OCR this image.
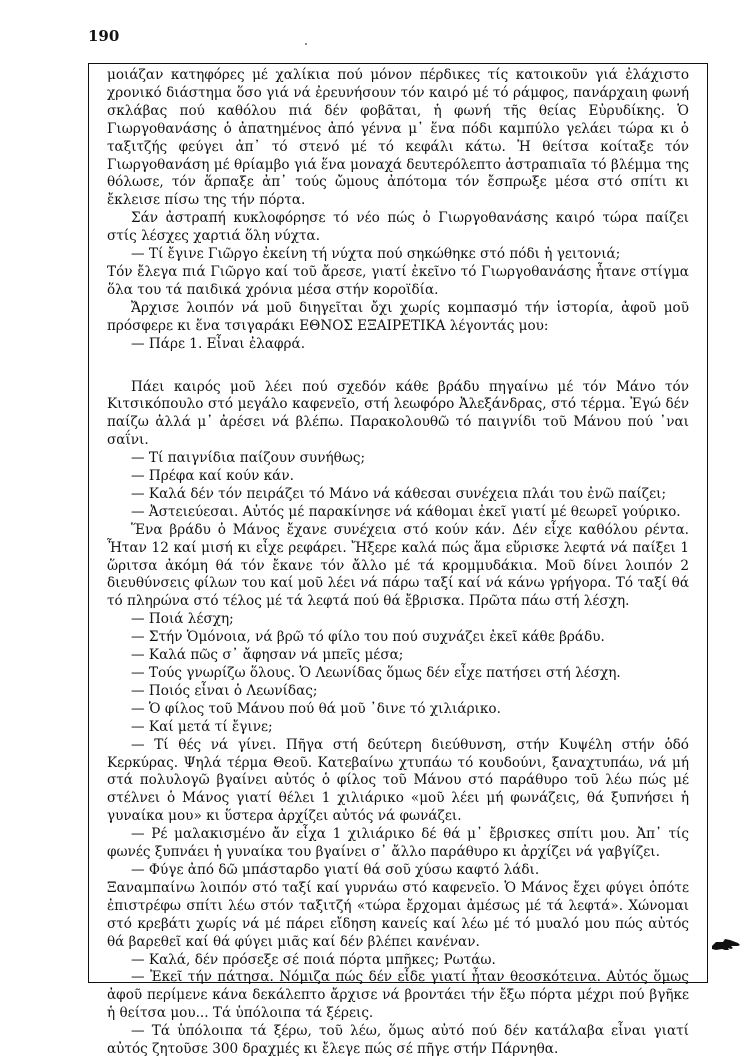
190

μοιάζαν κατηφόρες μέ χαλίκια πού μόνον πέρδικες τίς κατοικοῦν γιά ἐλάχιστο χρονικό διάστημα ὅσο γιά νά ἐρευνήσουν τόν καιρό μέ τό ράμφος, πανάρχαιη φωνή σκλάβας πού καθόλου πιά δέν φοβᾶται, ἡ φωνή τῆς θείας Εὐρυδίκης. Ὁ Γιωργοθανάσης ὁ ἀπατημένος ἀπό γέννα μ᾽ ἕνα πόδι καμπύλο γελάει τώρα κι ὁ ταξιτζής φεύγει ἀπ᾽ τό στενό μέ τό κεφάλι κάτω. Ἡ θείτσα κοίταξε τόν Γιωργοθανάση μέ θρίαμβο γιά ἕνα μοναχά δευτερόλεπτο ἀστραπιαῖα τό βλέμμα της θόλωσε, τόν ἅρπαξε ἀπ᾽ τούς ὤμους ἀπότομα τόν ἔσπρωξε μέσα στό σπίτι κι ἔκλεισε πίσω της τήν πόρτα.

Σάν ἀστραπή κυκλοφόρησε τό νέο πώς ὁ Γιωργοθανάσης καιρό τώρα παίζει στίς λέσχες χαρτιά ὅλη νύχτα.

— Τί ἔγινε Γιῶργο ἐκείνη τή νύχτα πού σηκώθηκε στό πόδι ἡ γειτονιά;

Τόν ἔλεγα πιά Γιῶργο καί τοῦ ἄρεσε, γιατί ἐκεῖνο τό Γιωργοθανάσης ἦτανε στίγμα ὅλα του τά παιδικά χρόνια μέσα στήν κοροϊδία.

Ἄρχισε λοιπόν νά μοῦ διηγεῖται ὄχι χωρίς κομπασμό τήν ἱστορία, ἀφοῦ μοῦ πρόσφερε κι ἕνα τσιγαράκι ΕΘΝΟΣ ΕΞΑΙΡΕΤΙΚΑ λέγοντάς μου:

— Πάρε 1. Εἶναι ἐλαφρά.

Πάει καιρός μοῦ λέει πού σχεδόν κάθε βράδυ πηγαίνω μέ τόν Μάνο τόν Κιτσικόπουλο στό μεγάλο καφενεῖο, στή λεωφόρο Ἀλεξάνδρας, στό τέρμα. Ἐγώ δέν παίζω ἀλλά μ᾽ ἀρέσει νά βλέπω. Παρακολουθῶ τό παιγνίδι τοῦ Μάνου πού ᾽ναι σαΐνι.

— Τί παιγνίδια παίζουν συνήθως;

— Πρέφα καί κούν κάν.

— Καλά δέν τόν πειράζει τό Μάνο νά κάθεσαι συνέχεια πλάι του ἐνῶ παίζει;

— Ἀστειεύεσαι. Αὐτός μέ παρακίνησε νά κάθομαι ἐκεῖ γιατί μέ θεωρεῖ γούρικο.

Ἕνα βράδυ ὁ Μάνος ἔχανε συνέχεια στό κούν κάν. Δέν εἶχε καθόλου ρέντα. Ἦταν 12 καί μισή κι εἶχε ρεφάρει. Ἤξερε καλά πώς ἅμα εὕρισκε λεφτά νά παίξει 1 ὥριτσα ἀκόμη θά τόν ἔκανε τόν ἄλλο μέ τά κρομμυδάκια. Μοῦ δίνει λοιπόν 2 διευθύνσεις φίλων του καί μοῦ λέει νά πάρω ταξί καί νά κάνω γρήγορα. Τό ταξί θά τό πληρώνα στό τέλος μέ τά λεφτά πού θά ἔβρισκα. Πρῶτα πάω στή λέσχη.

— Ποιά λέσχη;

— Στήν Ὁμόνοια, νά βρῶ τό φίλο του πού συχνάζει ἐκεῖ κάθε βράδυ.

— Καλά πῶς σ᾽ ἄφησαν νά μπεῖς μέσα;

— Τούς γνωρίζω ὅλους. Ὁ Λεωνίδας ὅμως δέν εἶχε πατήσει στή λέσχη.

— Ποιός εἶναι ὁ Λεωνίδας;

— Ὁ φίλος τοῦ Μάνου πού θά μοῦ ᾽δινε τό χιλιάρικο.

— Καί μετά τί ἔγινε;

— Τί θές νά γίνει. Πῆγα στή δεύτερη διεύθυνση, στήν Κυψέλη στήν ὁδό Κερκύρας. Ψηλά τέρμα Θεοῦ. Κατεβαίνω χτυπάω τό κουδούνι, ξαναχτυπάω, νά μή στά πολυλογῶ βγαίνει αὐτός ὁ φίλος τοῦ Μάνου στό παράθυρο τοῦ λέω πώς μέ στέλνει ὁ Μάνος γιατί θέλει 1 χιλιάρικο «μοῦ λέει μή φωνάζεις, θά ξυπνήσει ἡ γυναίκα μου» κι ὕστερα ἀρχίζει αὐτός νά φωνάζει.

— Ρέ μαλακισμένο ἄν εἶχα 1 χιλιάρικο δέ θά μ᾽ ἔβρισκες σπίτι μου. Ἀπ᾽ τίς φωνές ξυπνάει ἡ γυναίκα του βγαίνει σ᾽ ἄλλο παράθυρο κι ἀρχίζει νά γαβγίζει.

— Φύγε ἀπό δῶ μπάσταρδο γιατί θά σοῦ χύσω καφτό λάδι.

Ξαναμπαίνω λοιπόν στό ταξί καί γυρνάω στό καφενεῖο. Ὁ Μάνος ἔχει φύγει ὁπότε ἐπιστρέφω σπίτι λέω στόν ταξιτζή «τώρα ἔρχομαι ἀμέσως μέ τά λεφτά». Χώνομαι στό κρεβάτι χωρίς νά μέ πάρει εἴδηση κανείς καί λέω μέ τό μυαλό μου πώς αὐτός θά βαρεθεῖ καί θά φύγει μιᾶς καί δέν βλέπει κανέναν.

— Καλά, δέν πρόσεξε σέ ποιά πόρτα μπῆκες; Ρωτάω.

— Ἐκεῖ τήν πάτησα. Νόμιζα πώς δέν εἶδε γιατί ἦταν θεοσκότεινα. Αὐτός ὅμως ἀφοῦ περίμενε κάνα δεκάλεπτο ἄρχισε νά βροντάει τήν ἔξω πόρτα μέχρι πού βγῆκε ἡ θείτσα μου... Τά ὑπόλοιπα τά ξέρεις.

— Τά ὑπόλοιπα τά ξέρω, τοῦ λέω, ὅμως αὐτό πού δέν κατάλαβα εἶναι γιατί αὐτός ζητοῦσε 300 δραχμές κι ἔλεγε πώς σέ πῆγε στήν Πάρνηθα.
